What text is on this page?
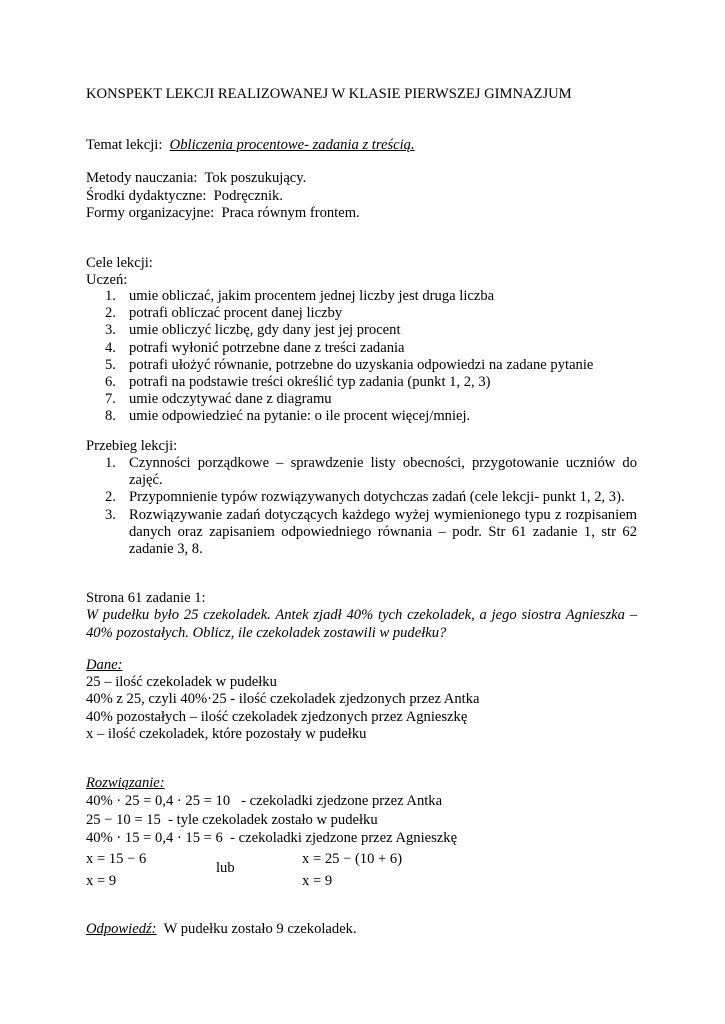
KONSPEKT LEKCJI REALIZOWANEJ W KLASIE PIERWSZEJ GIMNAZJUM
Temat lekcji: Obliczenia procentowe- zadania z treścią.
Metody nauczania: Tok poszukujący.
Środki dydaktyczne: Podręcznik.
Formy organizacyjne: Praca równym frontem.
Cele lekcji:
Uczeń:
1. umie obliczać, jakim procentem jednej liczby jest druga liczba
2. potrafi obliczać procent danej liczby
3. umie obliczyć liczbę, gdy dany jest jej procent
4. potrafi wyłonić potrzebne dane z treści zadania
5. potrafi ułożyć równanie, potrzebne do uzyskania odpowiedzi na zadane pytanie
6. potrafi na podstawie treści określić typ zadania (punkt 1, 2, 3)
7. umie odczytywać dane z diagramu
8. umie odpowiedzieć na pytanie: o ile procent więcej/mniej.
Przebieg lekcji:
1. Czynności porządkowe – sprawdzenie listy obecności, przygotowanie uczniów do zajęć.
2. Przypomnienie typów rozwiązywanych dotychczas zadań (cele lekcji- punkt 1, 2, 3).
3. Rozwiązywanie zadań dotyczących każdego wyżej wymienionego typu z rozpisaniem danych oraz zapisaniem odpowiedniego równania – podr. Str 61 zadanie 1, str 62 zadanie 3, 8.
Strona 61 zadanie 1:
W pudełku było 25 czekoladek. Antek zjadł 40% tych czekoladek, a jego siostra Agnieszka – 40% pozostałych. Oblicz, ile czekoladek zostawili w pudełku?
Dane:
25 – ilość czekoladek w pudełku
40% z 25, czyli 40%·25 - ilość czekoladek zjedzonych przez Antka
40% pozostałych – ilość czekoladek zjedzonych przez Agnieszkę
x – ilość czekoladek, które pozostały w pudełku
Rozwiązanie:
40% · 25 = 0,4 · 25 = 10 - czekoladki zjedzone przez Antka
25 − 10 = 15 - tyle czekoladek zostało w pudełku
40% · 15 = 0,4 · 15 = 6 - czekoladki zjedzone przez Agnieszkę
x = 15 − 6
x = 9
lub
x = 25 − (10 + 6)
x = 9
Odpowiedź: W pudełku zostało 9 czekoladek.
